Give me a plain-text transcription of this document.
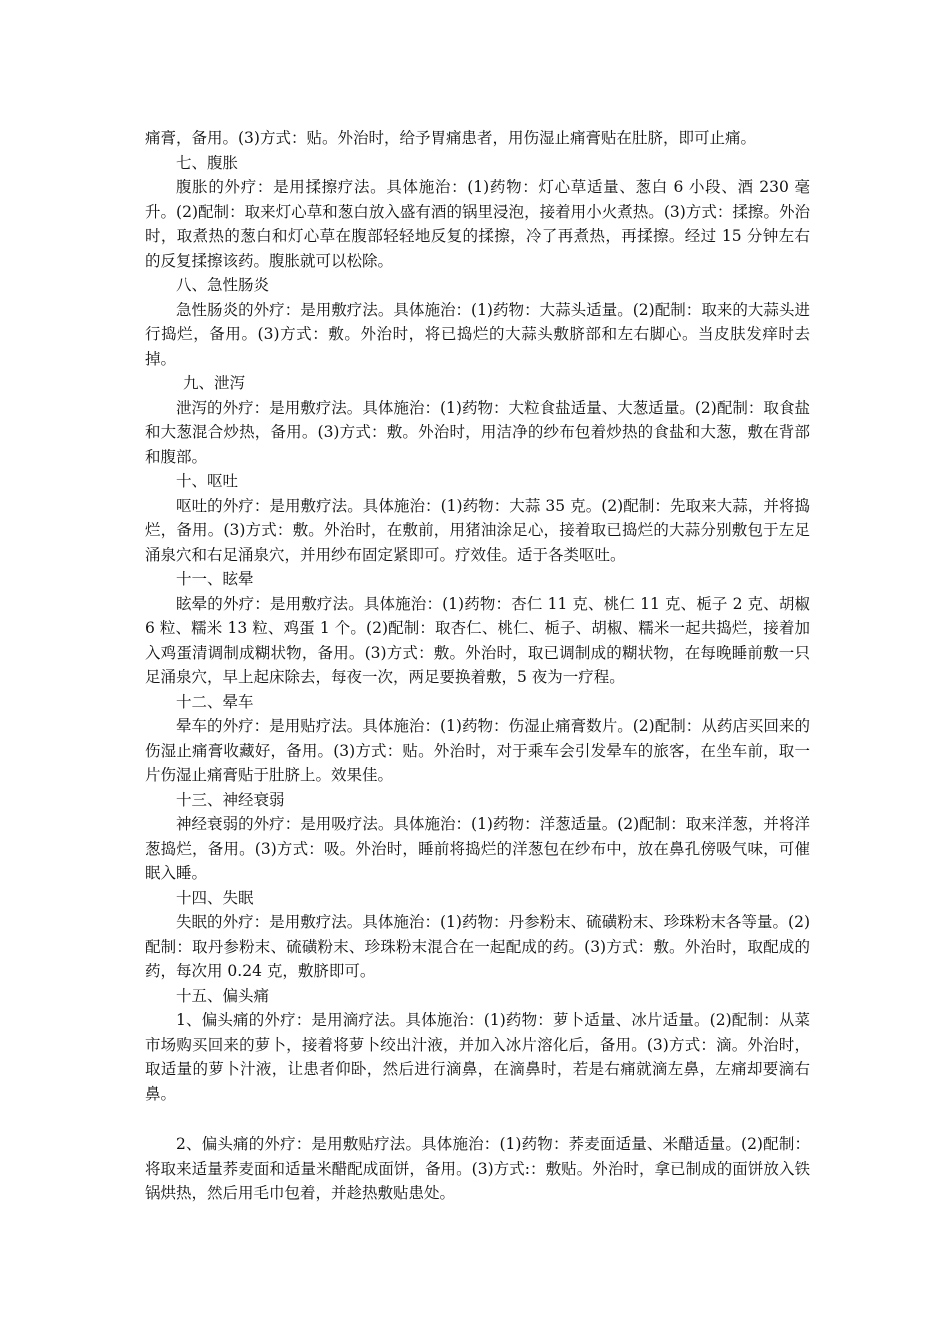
痛膏，备用。(3)方式：贴。外治时，给予胃痛患者，用伤湿止痛膏贴在肚脐，即可止痛。

七、腹胀

腹胀的外疗：是用揉擦疗法。具体施治：(1)药物：灯心草适量、葱白 6 小段、酒 230 毫升。(2)配制：取来灯心草和葱白放入盛有酒的锅里浸泡，接着用小火煮热。(3)方式：揉擦。外治时，取煮热的葱白和灯心草在腹部轻轻地反复的揉擦，冷了再煮热，再揉擦。经过 15 分钟左右的反复揉擦该药。腹胀就可以松除。

八、急性肠炎

急性肠炎的外疗：是用敷疗法。具体施治：(1)药物：大蒜头适量。(2)配制：取来的大蒜头进行捣烂，备用。(3)方式：敷。外治时，将已捣烂的大蒜头敷脐部和左右脚心。当皮肤发痒时去掉。

九、泄泻

泄泻的外疗：是用敷疗法。具体施治：(1)药物：大粒食盐适量、大葱适量。(2)配制：取食盐和大葱混合炒热，备用。(3)方式：敷。外治时，用洁净的纱布包着炒热的食盐和大葱，敷在背部和腹部。

十、呕吐

呕吐的外疗：是用敷疗法。具体施治：(1)药物：大蒜 35 克。(2)配制：先取来大蒜，并将捣烂，备用。(3)方式：敷。外治时，在敷前，用猪油涂足心，接着取已捣烂的大蒜分别敷包于左足涌泉穴和右足涌泉穴，并用纱布固定紧即可。疗效佳。适于各类呕吐。

十一、眩晕

眩晕的外疗：是用敷疗法。具体施治：(1)药物：杏仁 11 克、桃仁 11 克、栀子 2 克、胡椒 6 粒、糯米 13 粒、鸡蛋 1 个。(2)配制：取杏仁、桃仁、栀子、胡椒、糯米一起共捣烂，接着加入鸡蛋清调制成糊状物，备用。(3)方式：敷。外治时，取已调制成的糊状物，在每晚睡前敷一只足涌泉穴，早上起床除去，每夜一次，两足要换着敷，5 夜为一疗程。

十二、晕车

晕车的外疗：是用贴疗法。具体施治：(1)药物：伤湿止痛膏数片。(2)配制：从药店买回来的伤湿止痛膏收藏好，备用。(3)方式：贴。外治时，对于乘车会引发晕车的旅客，在坐车前，取一片伤湿止痛膏贴于肚脐上。效果佳。

十三、神经衰弱

神经衰弱的外疗：是用吸疗法。具体施治：(1)药物：洋葱适量。(2)配制：取来洋葱，并将洋葱捣烂，备用。(3)方式：吸。外治时，睡前将捣烂的洋葱包在纱布中，放在鼻孔傍吸气味，可催眠入睡。

十四、失眠

失眠的外疗：是用敷疗法。具体施治：(1)药物：丹参粉末、硫磺粉末、珍珠粉末各等量。(2)配制：取丹参粉末、硫磺粉末、珍珠粉末混合在一起配成的药。(3)方式：敷。外治时，取配成的药，每次用 0.24 克，敷脐即可。

十五、偏头痛

1、偏头痛的外疗：是用滴疗法。具体施治：(1)药物：萝卜适量、冰片适量。(2)配制：从菜市场购买回来的萝卜，接着将萝卜绞出汁液，并加入冰片溶化后，备用。(3)方式：滴。外治时，取适量的萝卜汁液，让患者仰卧，然后进行滴鼻，在滴鼻时，若是右痛就滴左鼻，左痛却要滴右鼻。

2、偏头痛的外疗：是用敷贴疗法。具体施治：(1)药物：荞麦面适量、米醋适量。(2)配制：将取来适量荞麦面和适量米醋配成面饼，备用。(3)方式:：敷贴。外治时，拿已制成的面饼放入铁锅烘热，然后用毛巾包着，并趁热敷贴患处。
